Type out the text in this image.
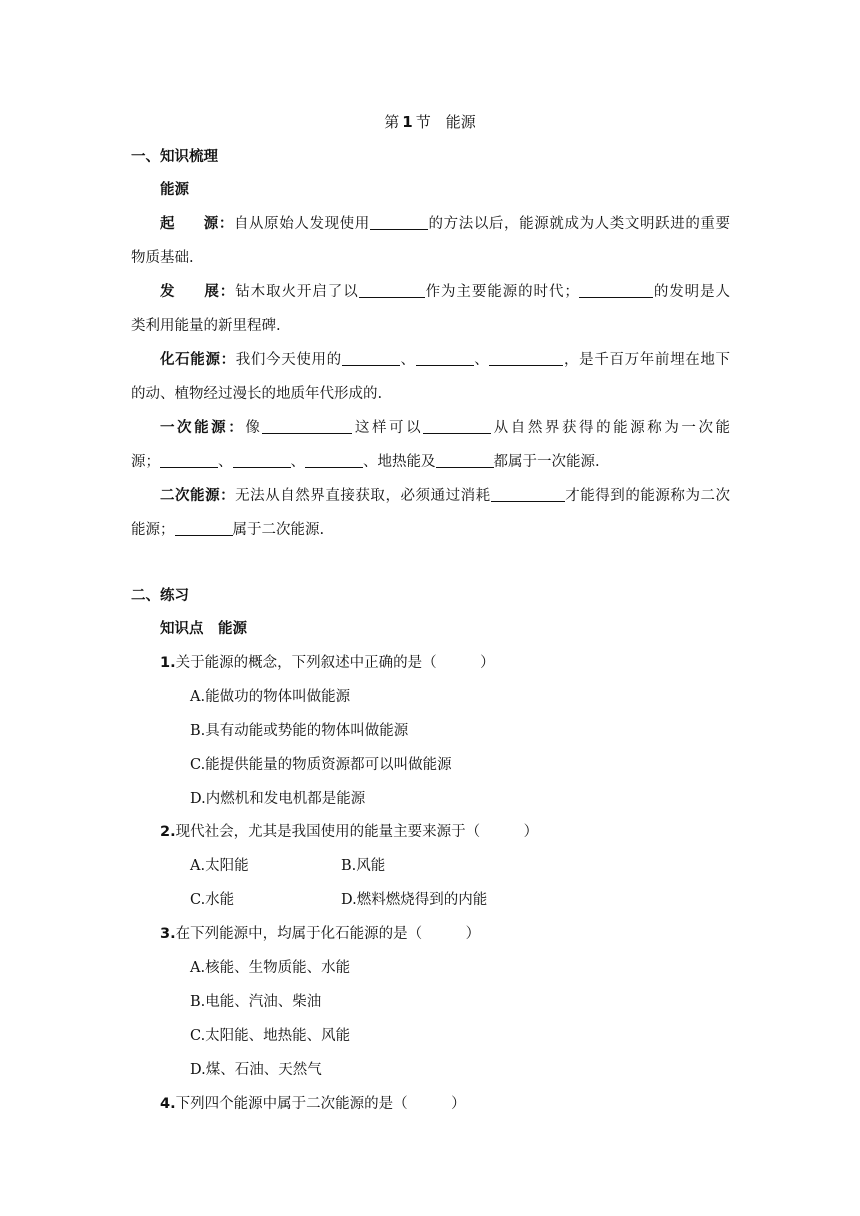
第 1 节　能源
一、知识梳理
能源
起 源：自从原始人发现使用	的方法以后，能源就成为人类文明跃进的重要
物质基础.
发 展：钻木取火开启了以	作为主要能源的时代；	的发明是人
类利用能量的新里程碑.
化石能源：我们今天使用的	、	、	，是千百万年前埋在地下
的动、植物经过漫长的地质年代形成的.
一次能源：像	这样可以	从自然界获得的能源称为一次能
源；	、	、	、地热能及	都属于一次能源.
二次能源：无法从自然界直接获取，必须通过消耗	才能得到的能源称为二次
能源；	属于二次能源.
二、练习
知识点　能源
1.关于能源的概念，下列叙述中正确的是（　　　）
A.能做功的物体叫做能源
B.具有动能或势能的物体叫做能源
C.能提供能量的物质资源都可以叫做能源
D.内燃机和发电机都是能源
2.现代社会，尤其是我国使用的能量主要来源于（　　　）
A.太阳能	B.风能
C.水能	D.燃料燃烧得到的内能
3.在下列能源中，均属于化石能源的是（　　　）
A.核能、生物质能、水能
B.电能、汽油、柴油
C.太阳能、地热能、风能
D.煤、石油、天然气
4.下列四个能源中属于二次能源的是（　　　）
